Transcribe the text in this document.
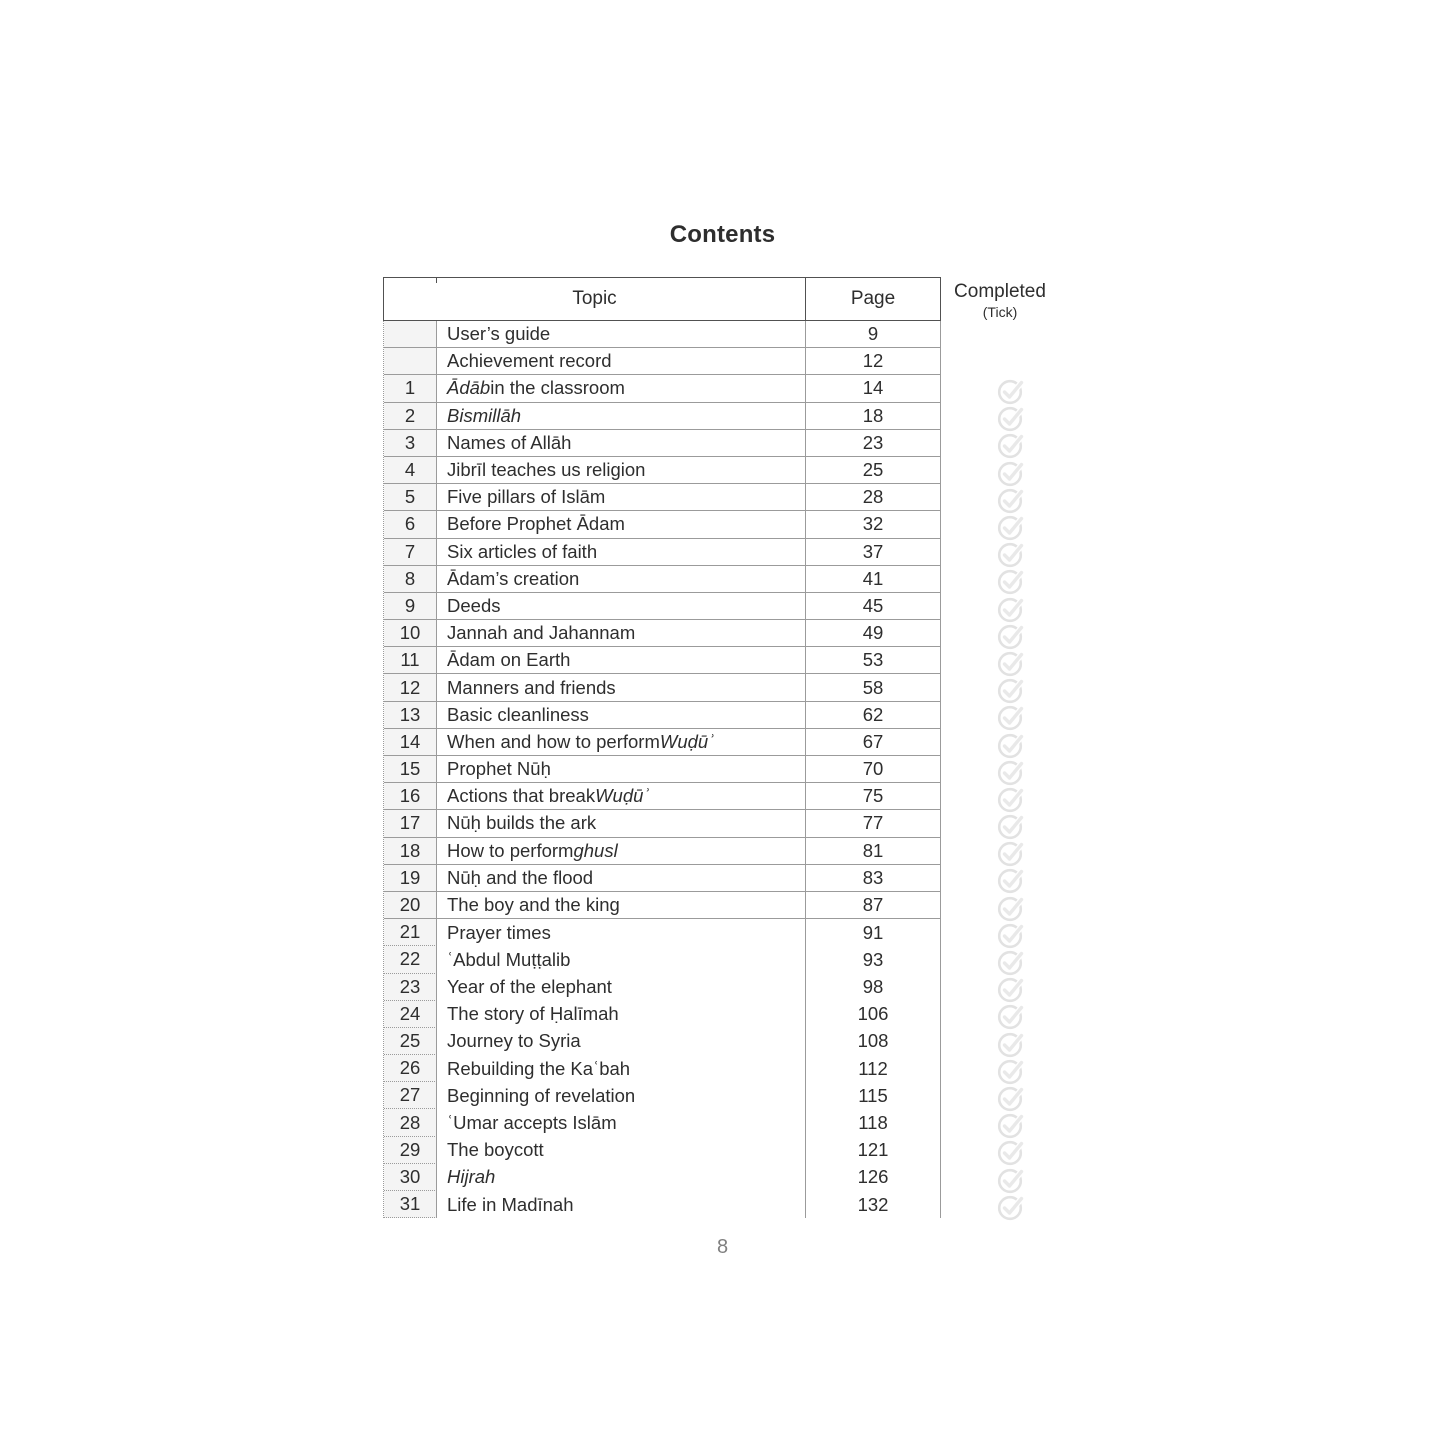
Contents
Topic	Page
User’s guide	9
Achievement record	12
1	Ādāb in the classroom	14
2	Bismillāh	18
3	Names of Allāh	23
4	Jibrīl teaches us religion	25
5	Five pillars of Islām	28
6	Before Prophet Ādam	32
7	Six articles of faith	37
8	Ādam’s creation	41
9	Deeds	45
10	Jannah and Jahannam	49
11	Ādam on Earth	53
12	Manners and friends	58
13	Basic cleanliness	62
14	When and how to perform Wuḍūʾ	67
15	Prophet Nūḥ	70
16	Actions that break Wuḍūʾ	75
17	Nūḥ builds the ark	77
18	How to perform ghusl	81
19	Nūḥ and the flood	83
20	The boy and the king	87
21	Prayer times	91
22	ʿAbdul Muṭṭalib	93
23	Year of the elephant	98
24	The story of Ḥalīmah	106
25	Journey to Syria	108
26	Rebuilding the Kaʿbah	112
27	Beginning of revelation	115
28	ʿUmar accepts Islām	118
29	The boycott	121
30	Hijrah	126
31	Life in Madīnah	132
Completed
(Tick)
8
